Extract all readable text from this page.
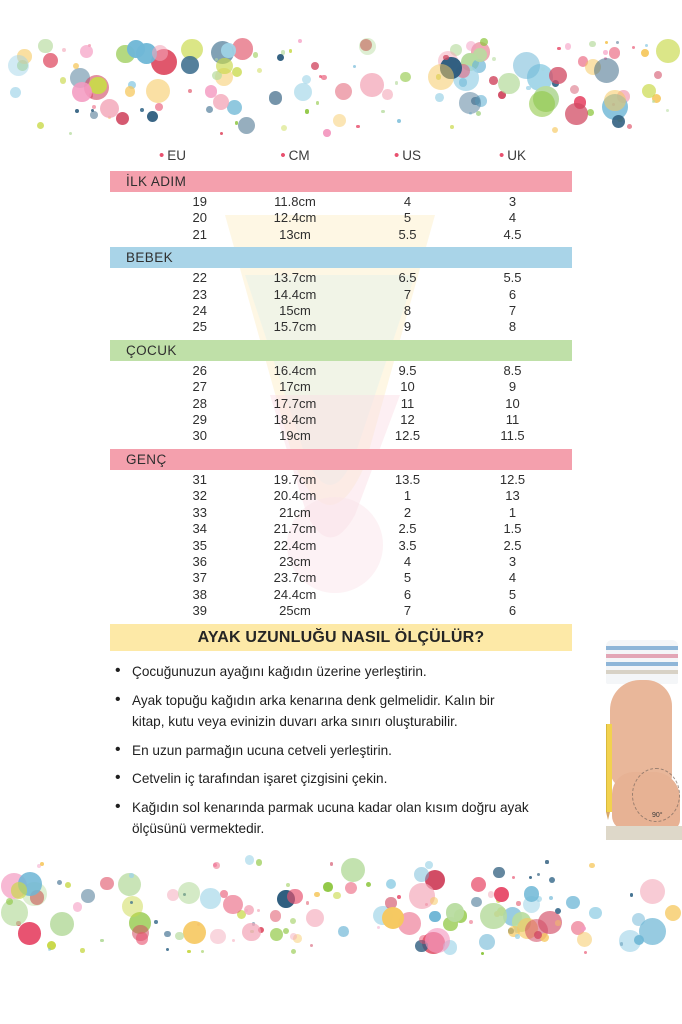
• EU	• CM	• US	• UK
İLK ADIM
19	11.8cm	4	3
20	12.4cm	5	4
21	13cm	5.5	4.5
BEBEK
22	13.7cm	6.5	5.5
23	14.4cm	7	6
24	15cm	8	7
25	15.7cm	9	8
ÇOCUK
26	16.4cm	9.5	8.5
27	17cm	10	9
28	17.7cm	11	10
29	18.4cm	12	11
30	19cm	12.5	11.5
GENÇ
31	19.7cm	13.5	12.5
32	20.4cm	1	13
33	21cm	2	1
34	21.7cm	2.5	1.5
35	22.4cm	3.5	2.5
36	23cm	4	3
37	23.7cm	5	4
38	24.4cm	6	5
39	25cm	7	6
AYAK UZUNLUĞU NASIL ÖLÇÜLÜR?
• Çocuğunuzun ayağını kağıdın üzerine yerleştirin.
• Ayak topuğu kağıdın arka kenarına denk gelmelidir. Kalın bir kitap, kutu veya evinizin duvarı arka sınırı oluşturabilir.
• En uzun parmağın ucuna cetveli yerleştirin.
• Cetvelin iç tarafından işaret çizgisini çekin.
• Kağıdın sol kenarında parmak ucuna kadar olan kısım doğru ayak ölçüsünü vermektedir.
90°
